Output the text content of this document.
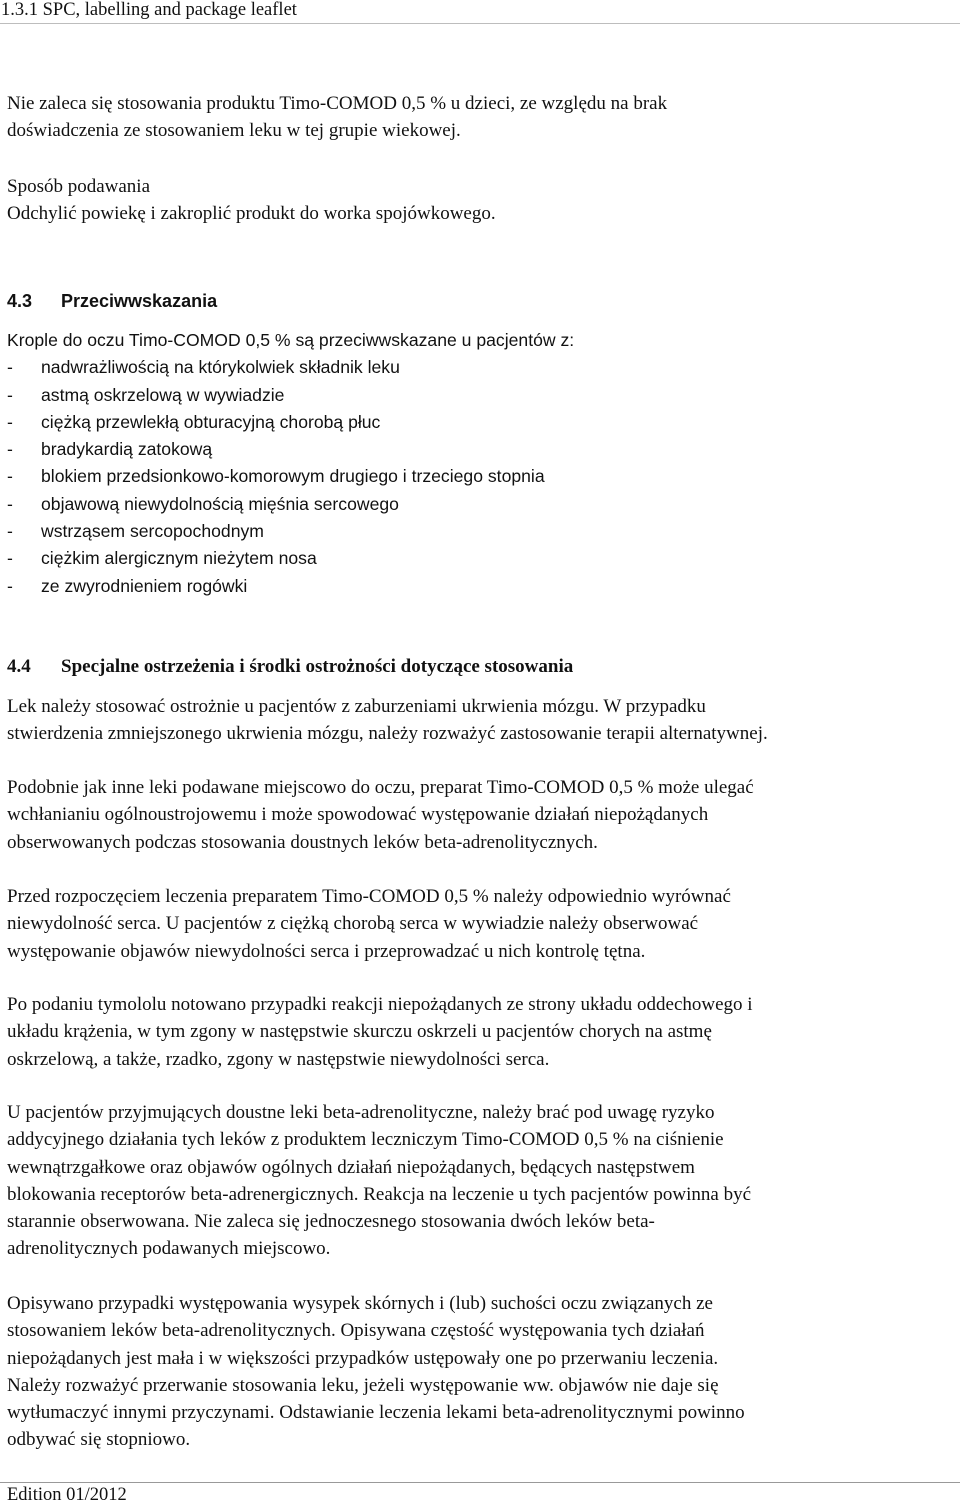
1.3.1 SPC, labelling and package leaflet
Nie zaleca się stosowania produktu Timo-COMOD 0,5 % u dzieci, ze względu na brak
doświadczenia ze stosowaniem leku w tej grupie wiekowej.
Sposób podawania
Odchylić powiekę i zakroplić produkt do worka spojówkowego.
4.3 Przeciwwskazania
Krople do oczu Timo-COMOD 0,5 % są przeciwwskazane u pacjentów z:
- nadwrażliwością na którykolwiek składnik leku
- astmą oskrzelową w wywiadzie
- ciężką przewlekłą obturacyjną chorobą płuc
- bradykardią zatokową
- blokiem przedsionkowo-komorowym drugiego i trzeciego stopnia
- objawową niewydolnością mięśnia sercowego
- wstrząsem sercopochodnym
- ciężkim alergicznym nieżytem nosa
- ze zwyrodnieniem rogówki
4.4 Specjalne ostrzeżenia i środki ostrożności dotyczące stosowania
Lek należy stosować ostrożnie u pacjentów z zaburzeniami ukrwienia mózgu. W przypadku
stwierdzenia zmniejszonego ukrwienia mózgu, należy rozważyć zastosowanie terapii alternatywnej.
Podobnie jak inne leki podawane miejscowo do oczu, preparat Timo-COMOD 0,5 % może ulegać
wchłanianiu ogólnoustrojowemu i może spowodować występowanie działań niepożądanych
obserwowanych podczas stosowania doustnych leków beta-adrenolitycznych.
Przed rozpoczęciem leczenia preparatem Timo-COMOD 0,5 % należy odpowiednio wyrównać
niewydolność serca. U pacjentów z ciężką chorobą serca w wywiadzie należy obserwować
występowanie objawów niewydolności serca i przeprowadzać u nich kontrolę tętna.
Po podaniu tymololu notowano przypadki reakcji niepożądanych ze strony układu oddechowego i
układu krążenia, w tym zgony w następstwie skurczu oskrzeli u pacjentów chorych na astmę
oskrzelową, a także, rzadko, zgony w następstwie niewydolności serca.
U pacjentów przyjmujących doustne leki beta-adrenolityczne, należy brać pod uwagę ryzyko
addycyjnego działania tych leków z produktem leczniczym Timo-COMOD 0,5 % na ciśnienie
wewnątrzgałkowe oraz objawów ogólnych działań niepożądanych, będących następstwem
blokowania receptorów beta-adrenergicznych. Reakcja na leczenie u tych pacjentów powinna być
starannie obserwowana. Nie zaleca się jednoczesnego stosowania dwóch leków beta-
adrenolitycznych podawanych miejscowo.
Opisywano przypadki występowania wysypek skórnych i (lub) suchości oczu związanych ze
stosowaniem leków beta-adrenolitycznych. Opisywana częstość występowania tych działań
niepożądanych jest mała i w większości przypadków ustępowały one po przerwaniu leczenia.
Należy rozważyć przerwanie stosowania leku, jeżeli występowanie ww. objawów nie daje się
wytłumaczyć innymi przyczynami. Odstawianie leczenia lekami beta-adrenolitycznymi powinno
odbywać się stopniowo.
Edition 01/2012
